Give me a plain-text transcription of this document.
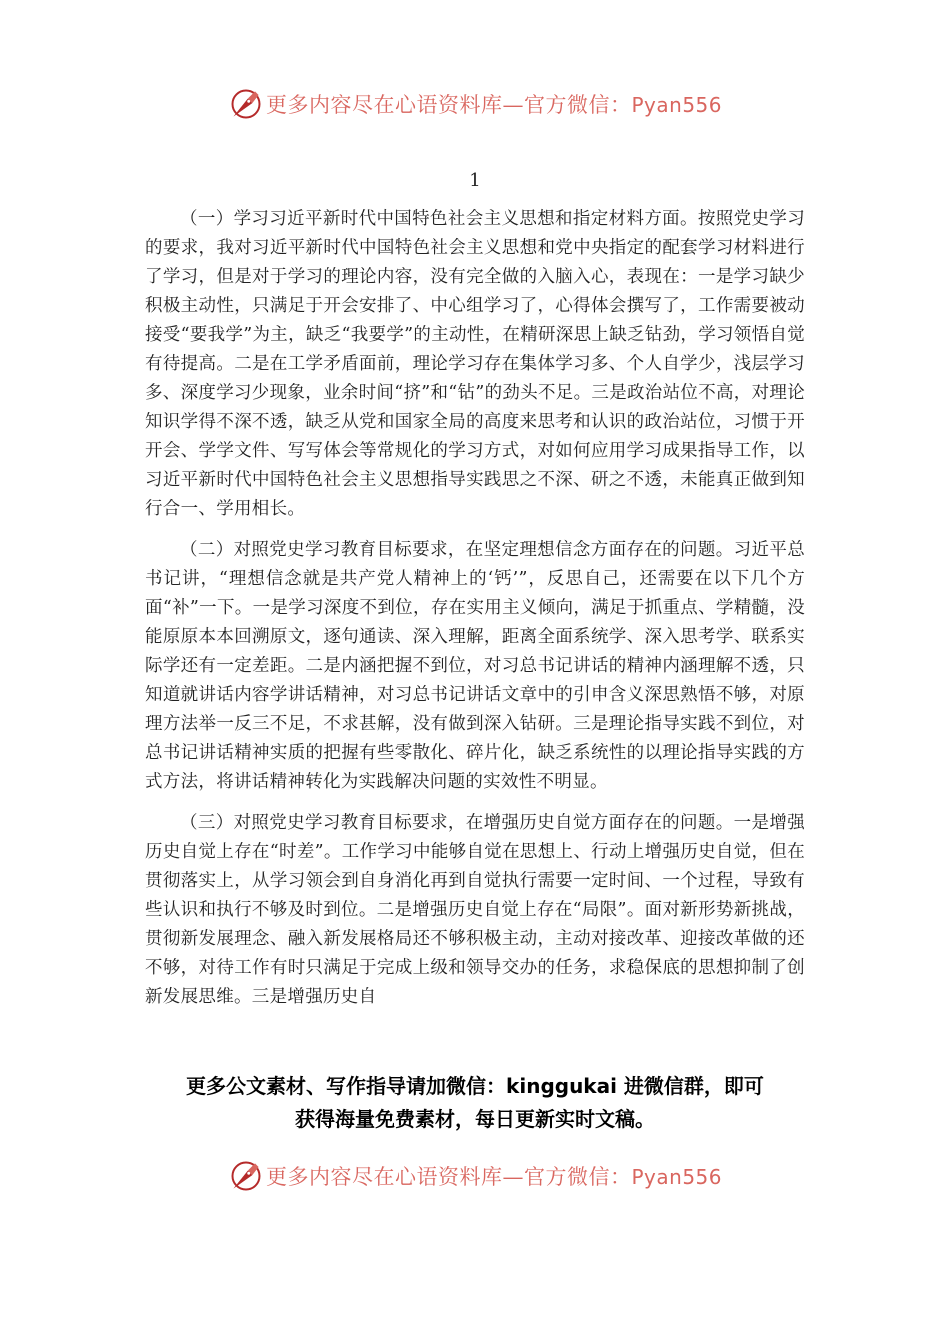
更多内容尽在心语资料库—官方微信：Pyan556
1

（一）学习习近平新时代中国特色社会主义思想和指定材料方面。按照党史学习的要求，我对习近平新时代中国特色社会主义思想和党中央指定的配套学习材料进行了学习，但是对于学习的理论内容，没有完全做的入脑入心，表现在：一是学习缺少积极主动性，只满足于开会安排了、中心组学习了，心得体会撰写了，工作需要被动接受“要我学”为主，缺乏“我要学”的主动性，在精研深思上缺乏钻劲，学习领悟自觉有待提高。二是在工学矛盾面前，理论学习存在集体学习多、个人自学少，浅层学习多、深度学习少现象，业余时间“挤”和“钻”的劲头不足。三是政治站位不高，对理论知识学得不深不透，缺乏从党和国家全局的高度来思考和认识的政治站位，习惯于开开会、学学文件、写写体会等常规化的学习方式，对如何应用学习成果指导工作，以习近平新时代中国特色社会主义思想指导实践思之不深、研之不透，未能真正做到知行合一、学用相长。

（二）对照党史学习教育目标要求，在坚定理想信念方面存在的问题。习近平总书记讲，“理想信念就是共产党人精神上的‘钙’”，反思自己，还需要在以下几个方面“补”一下。一是学习深度不到位，存在实用主义倾向，满足于抓重点、学精髓，没能原原本本回溯原文，逐句通读、深入理解，距离全面系统学、深入思考学、联系实际学还有一定差距。二是内涵把握不到位，对习总书记讲话的精神内涵理解不透，只知道就讲话内容学讲话精神，对习总书记讲话文章中的引申含义深思熟悟不够，对原理方法举一反三不足，不求甚解，没有做到深入钻研。三是理论指导实践不到位，对总书记讲话精神实质的把握有些零散化、碎片化，缺乏系统性的以理论指导实践的方式方法，将讲话精神转化为实践解决问题的实效性不明显。

（三）对照党史学习教育目标要求，在增强历史自觉方面存在的问题。一是增强历史自觉上存在“时差”。工作学习中能够自觉在思想上、行动上增强历史自觉，但在贯彻落实上，从学习领会到自身消化再到自觉执行需要一定时间、一个过程，导致有些认识和执行不够及时到位。二是增强历史自觉上存在“局限”。面对新形势新挑战，贯彻新发展理念、融入新发展格局还不够积极主动，主动对接改革、迎接改革做的还不够，对待工作有时只满足于完成上级和领导交办的任务，求稳保底的思想抑制了创新发展思维。三是增强历史自

更多公文素材、写作指导请加微信：kinggukai 进微信群，即可
获得海量免费素材，每日更新实时文稿。
更多内容尽在心语资料库—官方微信：Pyan556
